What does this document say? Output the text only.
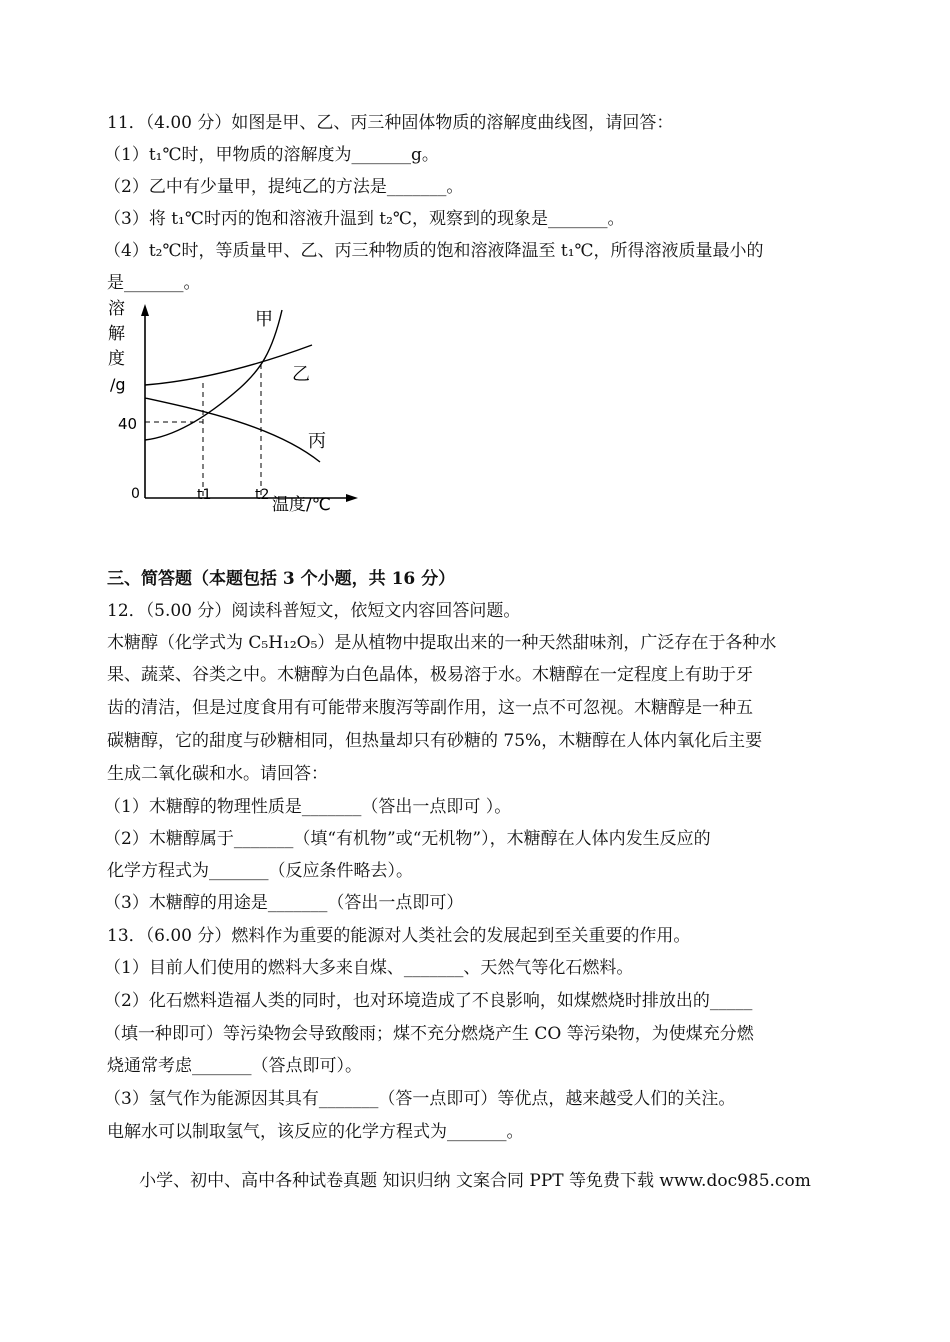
11．（4.00 分）如图是甲、乙、丙三种固体物质的溶解度曲线图，请回答：
（1）t₁℃时，甲物质的溶解度为_______g。
（2）乙中有少量甲，提纯乙的方法是_______。
（3）将 t₁℃时丙的饱和溶液升温到 t₂℃，观察到的现象是_______。
（4）t₂℃时，等质量甲、乙、丙三种物质的饱和溶液降温至 t₁℃，所得溶液质量最小的
是_______。
溶
解
度
/g
40
甲
乙
丙
0	t1	t2 温度/℃
三、简答题（本题包括 3 个小题，共 16 分）
12．（5.00 分）阅读科普短文，依短文内容回答问题。
木糖醇（化学式为 C₅H₁₂O₅）是从植物中提取出来的一种天然甜味剂，广泛存在于各种水
果、蔬菜、谷类之中。木糖醇为白色晶体，极易溶于水。木糖醇在一定程度上有助于牙
齿的清洁，但是过度食用有可能带来腹泻等副作用，这一点不可忽视。木糖醇是一种五
碳糖醇，它的甜度与砂糖相同，但热量却只有砂糖的 75%，木糖醇在人体内氧化后主要
生成二氧化碳和水。请回答：
（1）木糖醇的物理性质是_______（答出一点即可 ）。
（2）木糖醇属于_______（填“有机物”或“无机物”），木糖醇在人体内发生反应的
化学方程式为_______（反应条件略去）。
（3）木糖醇的用途是_______（答出一点即可）
13．（6.00 分）燃料作为重要的能源对人类社会的发展起到至关重要的作用。
（1）目前人们使用的燃料大多来自煤、_______、天然气等化石燃料。
（2）化石燃料造福人类的同时，也对环境造成了不良影响，如煤燃烧时排放出的_____
（填一种即可）等污染物会导致酸雨；煤不充分燃烧产生 CO 等污染物，为使煤充分燃
烧通常考虑_______（答点即可）。
（3）氢气作为能源因其具有_______（答一点即可）等优点，越来越受人们的关注。
电解水可以制取氢气，该反应的化学方程式为_______。
小学、初中、高中各种试卷真题 知识归纳 文案合同 PPT 等免费下载 www.doc985.com
